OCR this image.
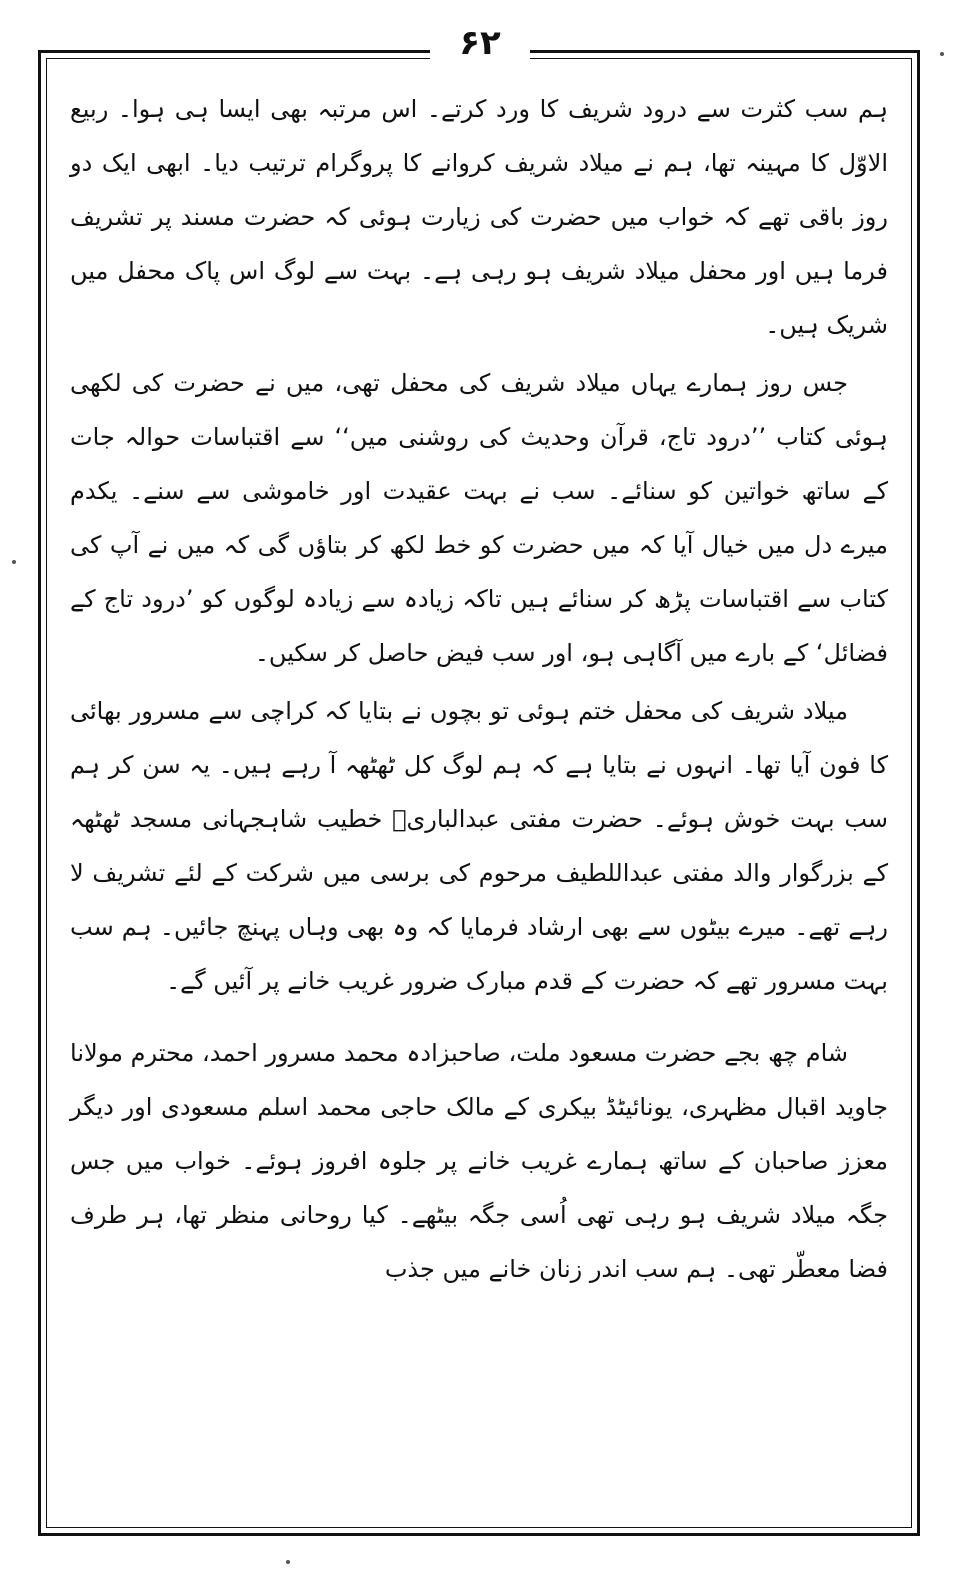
۶۲

ہم سب کثرت سے درود شریف کا ورد کرتے۔ اس مرتبہ بھی ایسا ہی ہوا۔ ربیع الاوّل کا مہینہ تھا، ہم نے میلاد شریف کروانے کا پروگرام ترتیب دیا۔ ابھی ایک دو روز باقی تھے کہ خواب میں حضرت کی زیارت ہوئی کہ حضرت مسند پر تشریف فرما ہیں اور محفل میلاد شریف ہو رہی ہے۔ بہت سے لوگ اس پاک محفل میں شریک ہیں۔

جس روز ہمارے یہاں میلاد شریف کی محفل تھی، میں نے حضرت کی لکھی ہوئی کتاب ’’درود تاج، قرآن وحدیث کی روشنی میں‘‘ سے اقتباسات حوالہ جات کے ساتھ خواتین کو سنائے۔ سب نے بہت عقیدت اور خاموشی سے سنے۔ یکدم میرے دل میں خیال آیا کہ میں حضرت کو خط لکھ کر بتاؤں گی کہ میں نے آپ کی کتاب سے اقتباسات پڑھ کر سنائے ہیں تاکہ زیادہ سے زیادہ لوگوں کو ’درود تاج کے فضائل‘ کے بارے میں آگاہی ہو، اور سب فیض حاصل کر سکیں۔

میلاد شریف کی محفل ختم ہوئی تو بچوں نے بتایا کہ کراچی سے مسرور بھائی کا فون آیا تھا۔ انہوں نے بتایا ہے کہ ہم لوگ کل ٹھٹھہ آ رہے ہیں۔ یہ سن کر ہم سب بہت خوش ہوئے۔ حضرت مفتی عبدالباریؔ خطیب شاہجہانی مسجد ٹھٹھہ کے بزرگوار والد مفتی عبداللطیف مرحوم کی برسی میں شرکت کے لئے تشریف لا رہے تھے۔ میرے بیٹوں سے بھی ارشاد فرمایا کہ وہ بھی وہاں پہنچ جائیں۔ ہم سب بہت مسرور تھے کہ حضرت کے قدم مبارک ضرور غریب خانے پر آئیں گے۔

شام چھ بجے حضرت مسعود ملت، صاحبزادہ محمد مسرور احمد، محترم مولانا جاوید اقبال مظہری، یونائیٹڈ بیکری کے مالک حاجی محمد اسلم مسعودی اور دیگر معزز صاحبان کے ساتھ ہمارے غریب خانے پر جلوہ افروز ہوئے۔ خواب میں جس جگہ میلاد شریف ہو رہی تھی اُسی جگہ بیٹھے۔ کیا روحانی منظر تھا، ہر طرف فضا معطّر تھی۔ ہم سب اندر زنان خانے میں جذب
